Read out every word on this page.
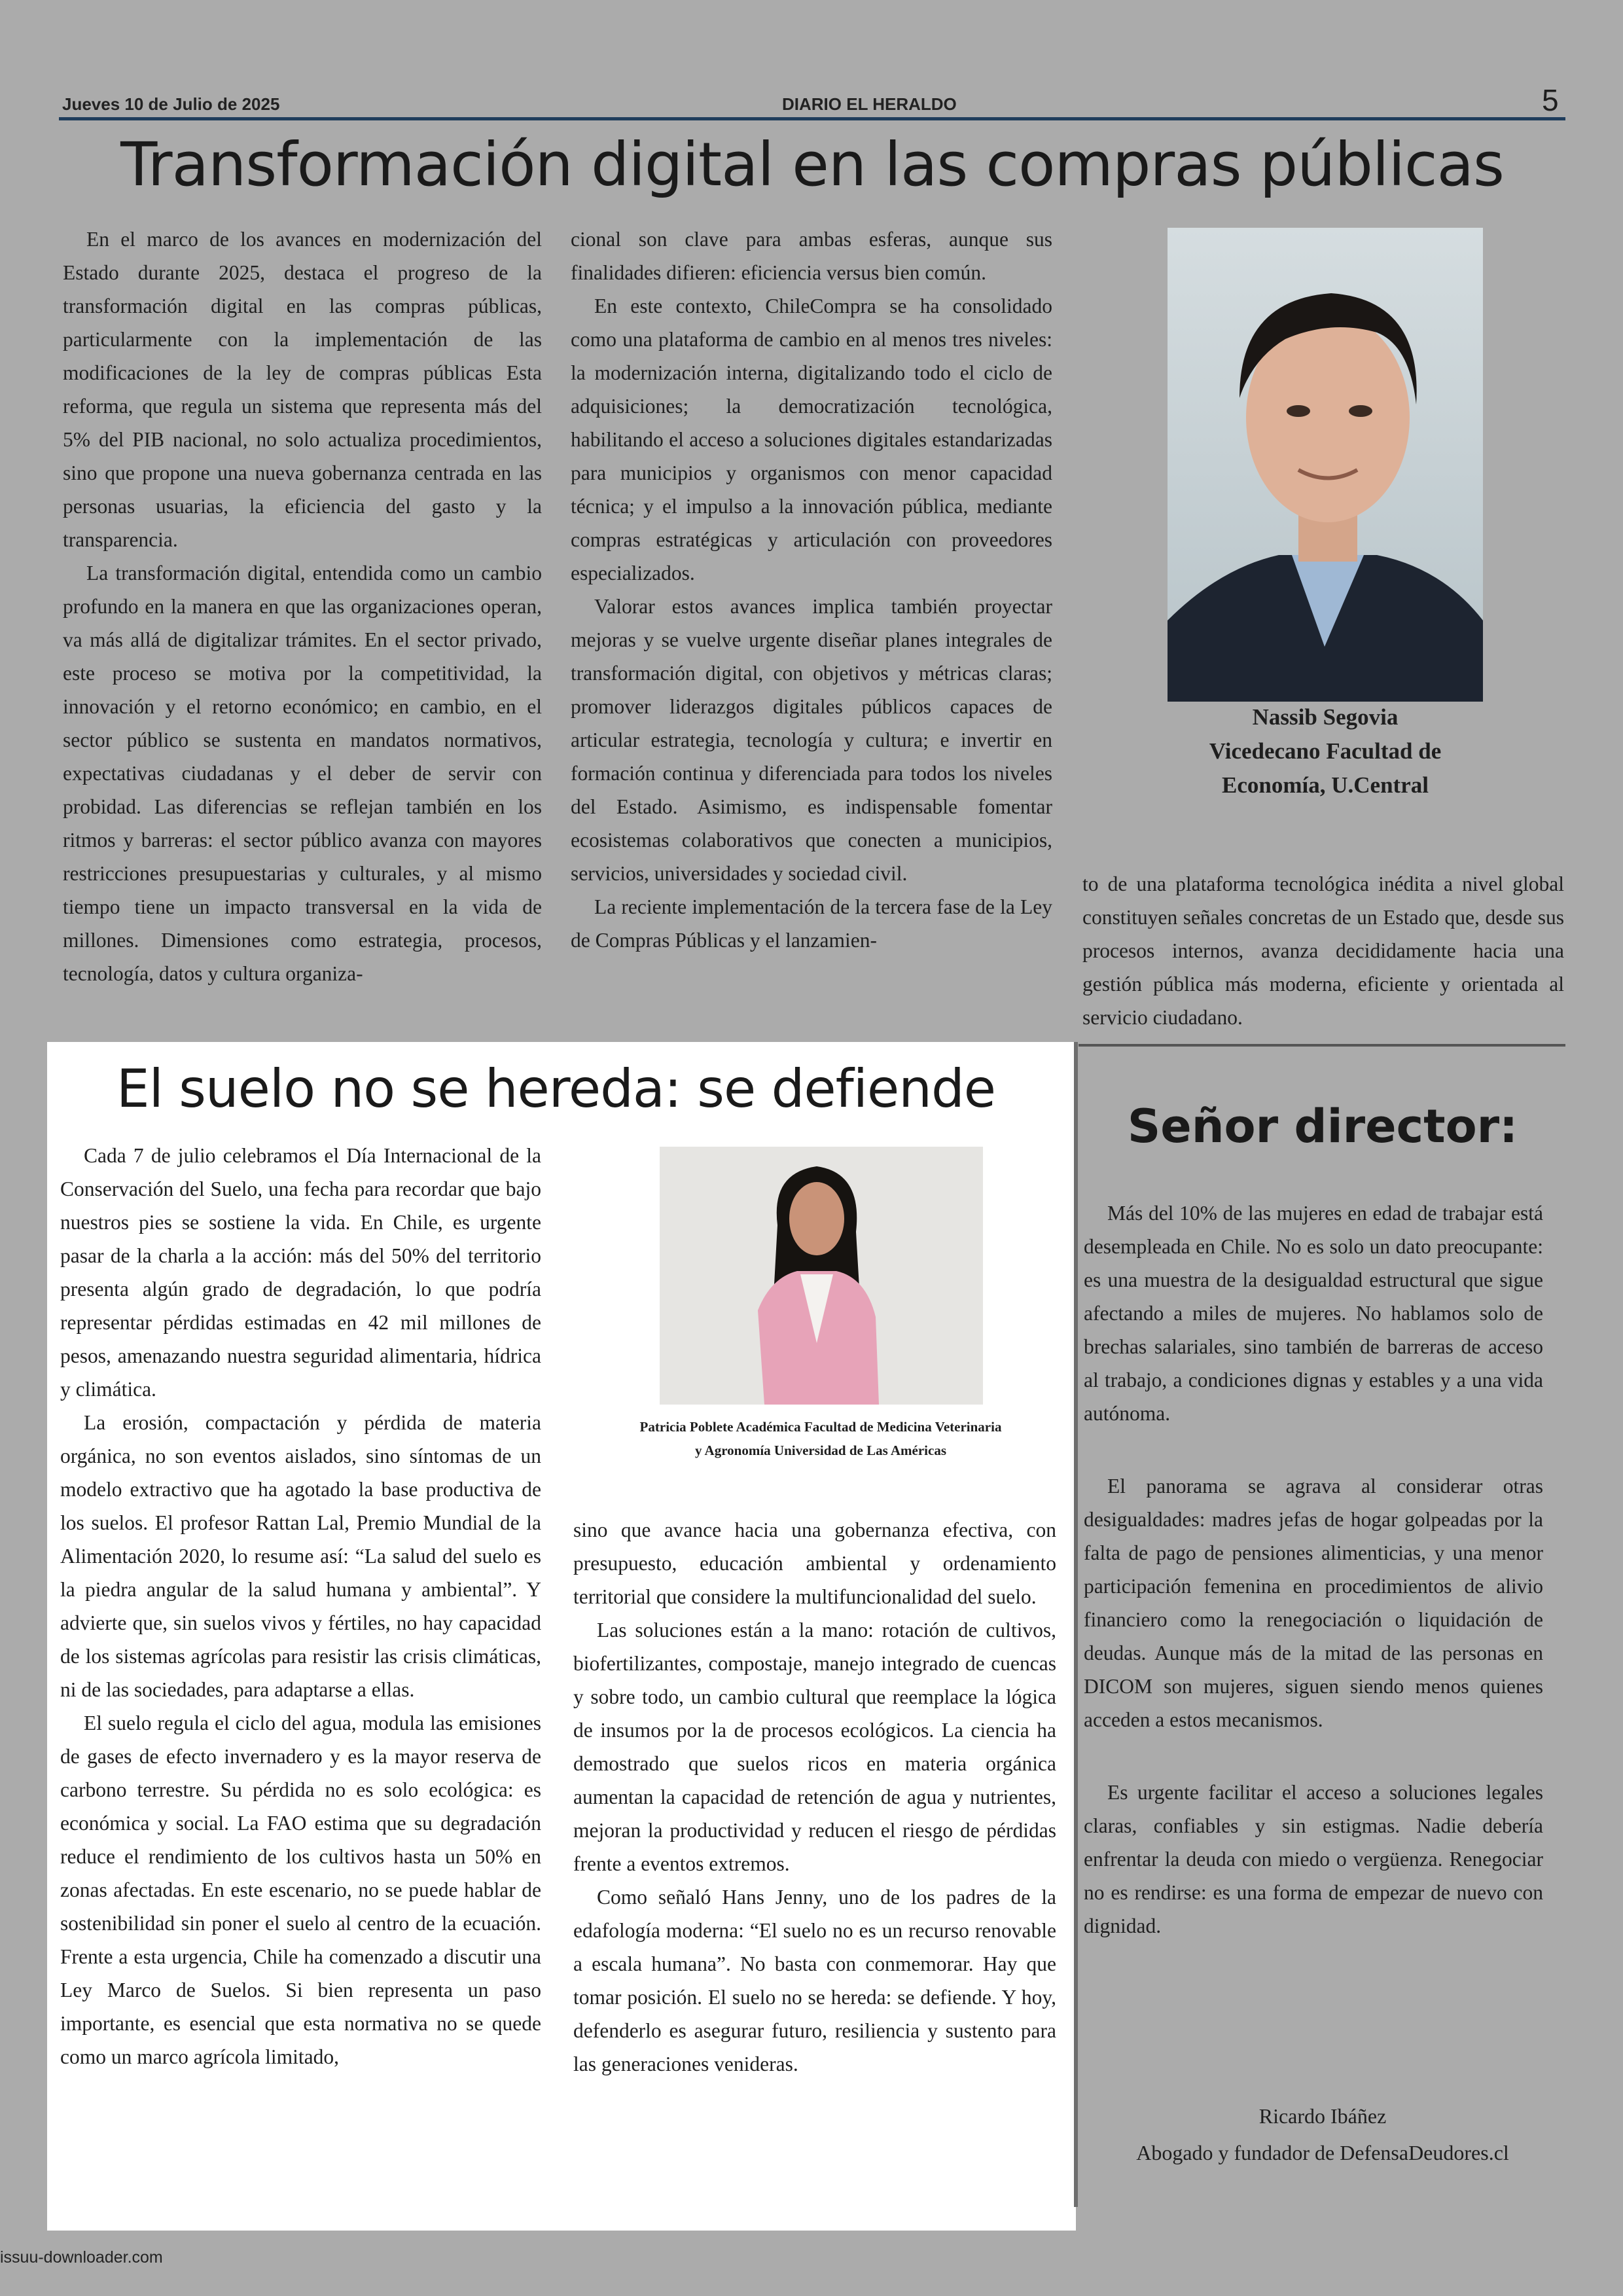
Jueves 10 de Julio de 2025	DIARIO EL HERALDO	5
Transformación digital en las compras públicas

En el marco de los avances en modernización del Estado durante 2025, destaca el progreso de la transformación digital en las compras públicas, particularmente con la implementación de las modificaciones de la ley de compras públicas Esta reforma, que regula un sistema que representa más del 5% del PIB nacional, no solo actualiza procedimientos, sino que propone una nueva gobernanza centrada en las personas usuarias, la eficiencia del gasto y la transparencia.

La transformación digital, entendida como un cambio profundo en la manera en que las organizaciones operan, va más allá de digitalizar trámites. En el sector privado, este proceso se motiva por la competitividad, la innovación y el retorno económico; en cambio, en el sector público se sustenta en mandatos normativos, expectativas ciudadanas y el deber de servir con probidad. Las diferencias se reflejan también en los ritmos y barreras: el sector público avanza con mayores restricciones presupuestarias y culturales, y al mismo tiempo tiene un impacto transversal en la vida de millones. Dimensiones como estrategia, procesos, tecnología, datos y cultura organiza-

cional son clave para ambas esferas, aunque sus finalidades difieren: eficiencia versus bien común.

En este contexto, ChileCompra se ha consolidado como una plataforma de cambio en al menos tres niveles: la modernización interna, digitalizando todo el ciclo de adquisiciones; la democratización tecnológica, habilitando el acceso a soluciones digitales estandarizadas para municipios y organismos con menor capacidad técnica; y el impulso a la innovación pública, mediante compras estratégicas y articulación con proveedores especializados.

Valorar estos avances implica también proyectar mejoras y se vuelve urgente diseñar planes integrales de transformación digital, con objetivos y métricas claras; promover liderazgos digitales públicos capaces de articular estrategia, tecnología y cultura; e invertir en formación continua y diferenciada para todos los niveles del Estado. Asimismo, es indispensable fomentar ecosistemas colaborativos que conecten a municipios, servicios, universidades y sociedad civil.

La reciente implementación de la tercera fase de la Ley de Compras Públicas y el lanzamien-

Nassib Segovia
Vicedecano Facultad de
Economía, U.Central

to de una plataforma tecnológica inédita a nivel global constituyen señales concretas de un Estado que, desde sus procesos internos, avanza decididamente hacia una gestión pública más moderna, eficiente y orientada al servicio ciudadano.

El suelo no se hereda: se defiende

Cada 7 de julio celebramos el Día Internacional de la Conservación del Suelo, una fecha para recordar que bajo nuestros pies se sostiene la vida. En Chile, es urgente pasar de la charla a la acción: más del 50% del territorio presenta algún grado de degradación, lo que podría representar pérdidas estimadas en 42 mil millones de pesos, amenazando nuestra seguridad alimentaria, hídrica y climática.

La erosión, compactación y pérdida de materia orgánica, no son eventos aislados, sino síntomas de un modelo extractivo que ha agotado la base productiva de los suelos. El profesor Rattan Lal, Premio Mundial de la Alimentación 2020, lo resume así: “La salud del suelo es la piedra angular de la salud humana y ambiental”. Y advierte que, sin suelos vivos y fértiles, no hay capacidad de los sistemas agrícolas para resistir las crisis climáticas, ni de las sociedades, para adaptarse a ellas.

El suelo regula el ciclo del agua, modula las emisiones de gases de efecto invernadero y es la mayor reserva de carbono terrestre. Su pérdida no es solo ecológica: es económica y social. La FAO estima que su degradación reduce el rendimiento de los cultivos hasta un 50% en zonas afectadas. En este escenario, no se puede hablar de sostenibilidad sin poner el suelo al centro de la ecuación. Frente a esta urgencia, Chile ha comenzado a discutir una Ley Marco de Suelos. Si bien representa un paso importante, es esencial que esta normativa no se quede como un marco agrícola limitado,

Patricia Poblete Académica Facultad de Medicina Veterinaria
y Agronomía Universidad de Las Américas

sino que avance hacia una gobernanza efectiva, con presupuesto, educación ambiental y ordenamiento territorial que considere la multifuncionalidad del suelo.

Las soluciones están a la mano: rotación de cultivos, biofertilizantes, compostaje, manejo integrado de cuencas y sobre todo, un cambio cultural que reemplace la lógica de insumos por la de procesos ecológicos. La ciencia ha demostrado que suelos ricos en materia orgánica aumentan la capacidad de retención de agua y nutrientes, mejoran la productividad y reducen el riesgo de pérdidas frente a eventos extremos.

Como señaló Hans Jenny, uno de los padres de la edafología moderna: “El suelo no es un recurso renovable a escala humana”. No basta con conmemorar. Hay que tomar posición. El suelo no se hereda: se defiende. Y hoy, defenderlo es asegurar futuro, resiliencia y sustento para las generaciones venideras.

Señor director:

Más del 10% de las mujeres en edad de trabajar está desempleada en Chile. No es solo un dato preocupante: es una muestra de la desigualdad estructural que sigue afectando a miles de mujeres. No hablamos solo de brechas salariales, sino también de barreras de acceso al trabajo, a condiciones dignas y estables y a una vida autónoma.

El panorama se agrava al considerar otras desigualdades: madres jefas de hogar golpeadas por la falta de pago de pensiones alimenticias, y una menor participación femenina en procedimientos de alivio financiero como la renegociación o liquidación de deudas. Aunque más de la mitad de las personas en DICOM son mujeres, siguen siendo menos quienes acceden a estos mecanismos.

Es urgente facilitar el acceso a soluciones legales claras, confiables y sin estigmas. Nadie debería enfrentar la deuda con miedo o vergüenza. Renegociar no es rendirse: es una forma de empezar de nuevo con dignidad.

Ricardo Ibáñez
Abogado y fundador de DefensaDeudores.cl
issuu-downloader.com
